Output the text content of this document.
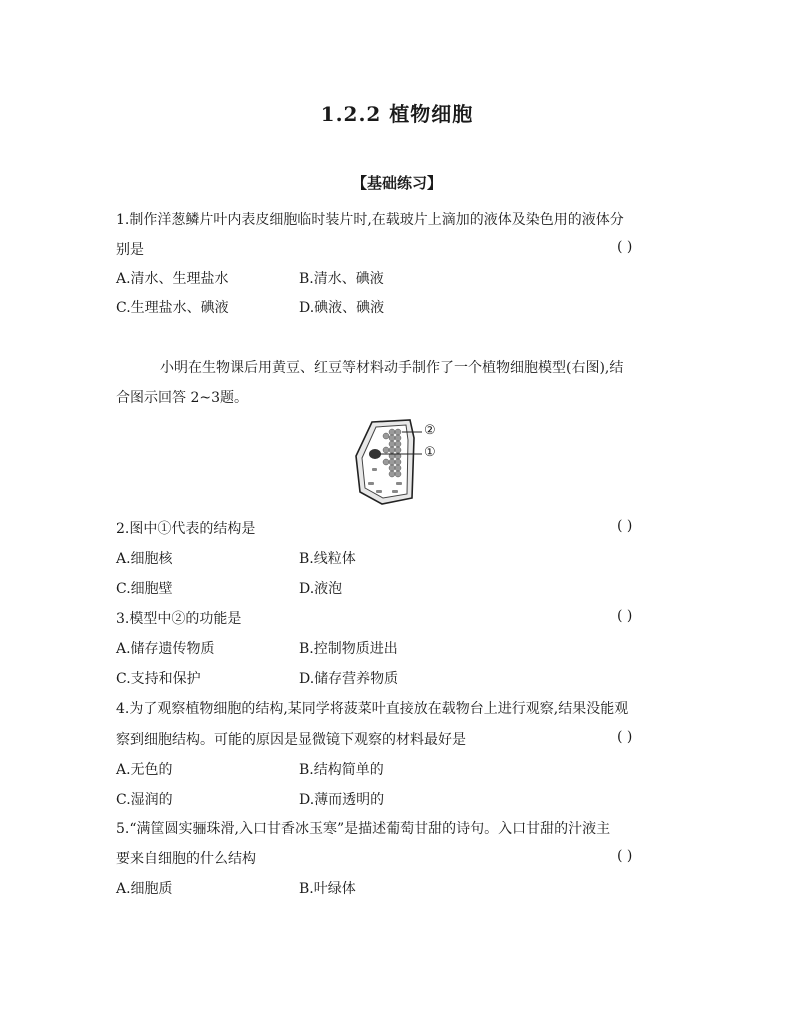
1.2.2 植物细胞
【基础练习】
1.制作洋葱鳞片叶内表皮细胞临时装片时,在载玻片上滴加的液体及染色用的液体分
别是	( )
A.清水、生理盐水	B.清水、碘液
C.生理盐水、碘液	D.碘液、碘液
小明在生物课后用黄豆、红豆等材料动手制作了一个植物细胞模型(右图),结
合图示回答 2~3题。
②
①
2.图中①代表的结构是	( )
A.细胞核	B.线粒体
C.细胞壁	D.液泡
3.模型中②的功能是	( )
A.储存遗传物质	B.控制物质进出
C.支持和保护	D.储存营养物质
4.为了观察植物细胞的结构,某同学将菠菜叶直接放在载物台上进行观察,结果没能观
察到细胞结构。可能的原因是显微镜下观察的材料最好是	( )
A.无色的	B.结构简单的
C.湿润的	D.薄而透明的
5.“满筐圆实骊珠滑,入口甘香冰玉寒”是描述葡萄甘甜的诗句。入口甘甜的汁液主
要来自细胞的什么结构	( )
A.细胞质	B.叶绿体
